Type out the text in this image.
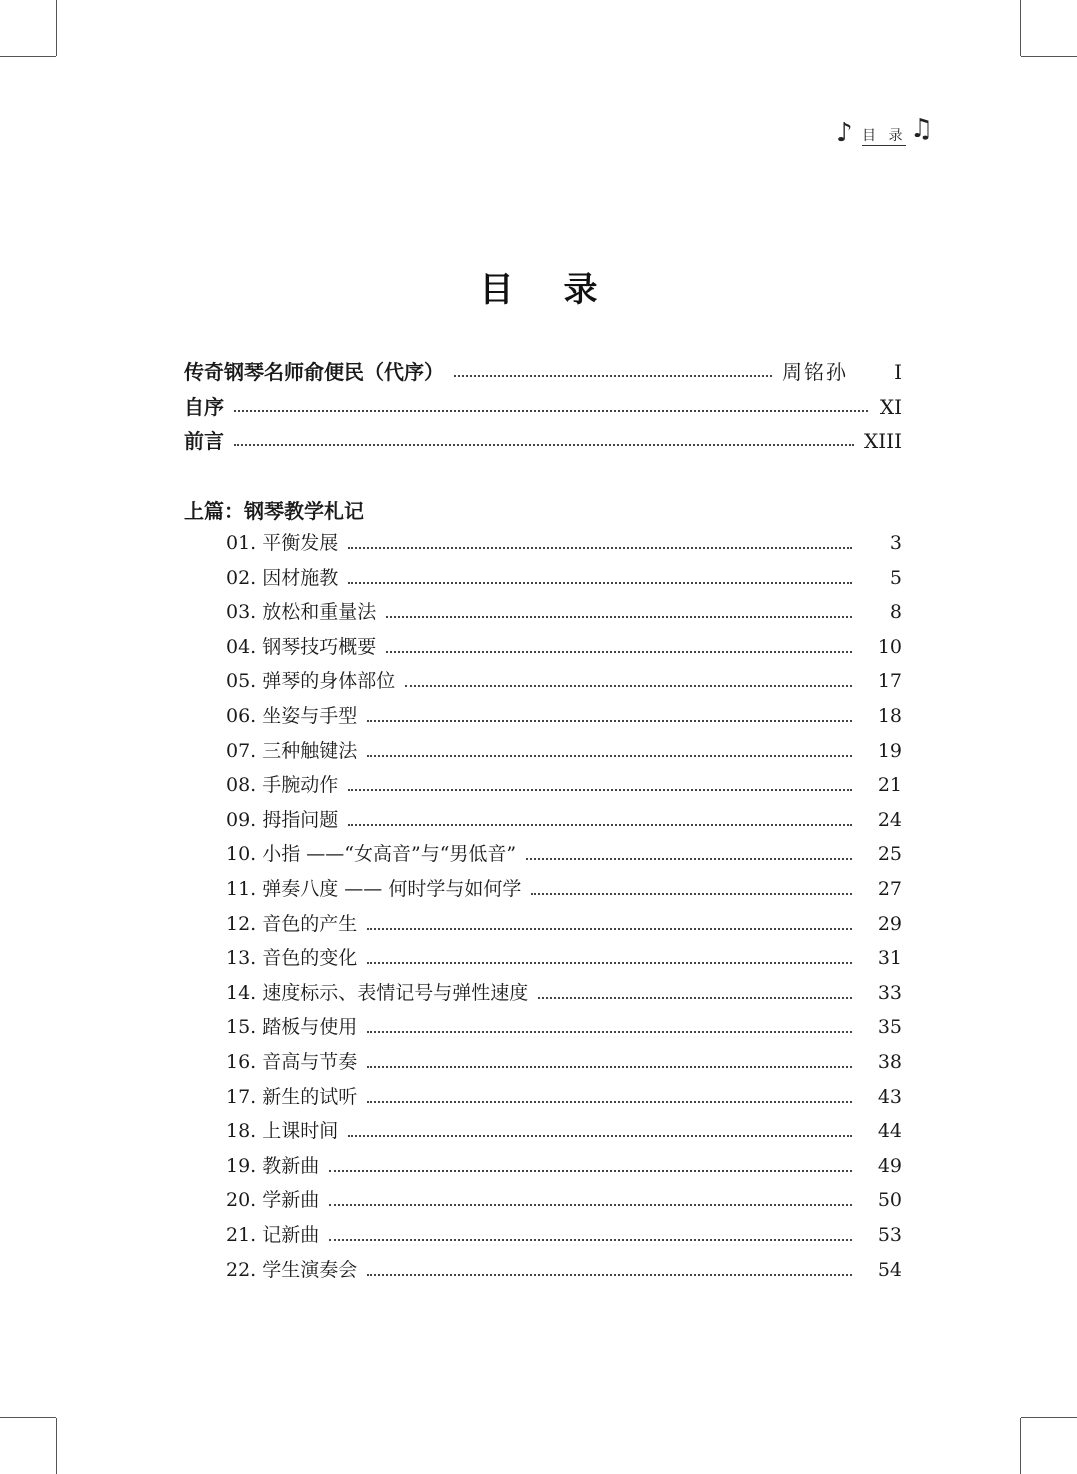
♪ 目 录 ♫
目 录
传奇钢琴名师俞便民（代序）	周铭孙	I
自序	XI
前言	XIII
上篇：钢琴教学札记
01. 平衡发展	3
02. 因材施教	5
03. 放松和重量法	8
04. 钢琴技巧概要	10
05. 弹琴的身体部位	17
06. 坐姿与手型	18
07. 三种触键法	19
08. 手腕动作	21
09. 拇指问题	24
10. 小指 ——“女高音”与“男低音”	25
11. 弹奏八度 —— 何时学与如何学	27
12. 音色的产生	29
13. 音色的变化	31
14. 速度标示、表情记号与弹性速度	33
15. 踏板与使用	35
16. 音高与节奏	38
17. 新生的试听	43
18. 上课时间	44
19. 教新曲	49
20. 学新曲	50
21. 记新曲	53
22. 学生演奏会	54
